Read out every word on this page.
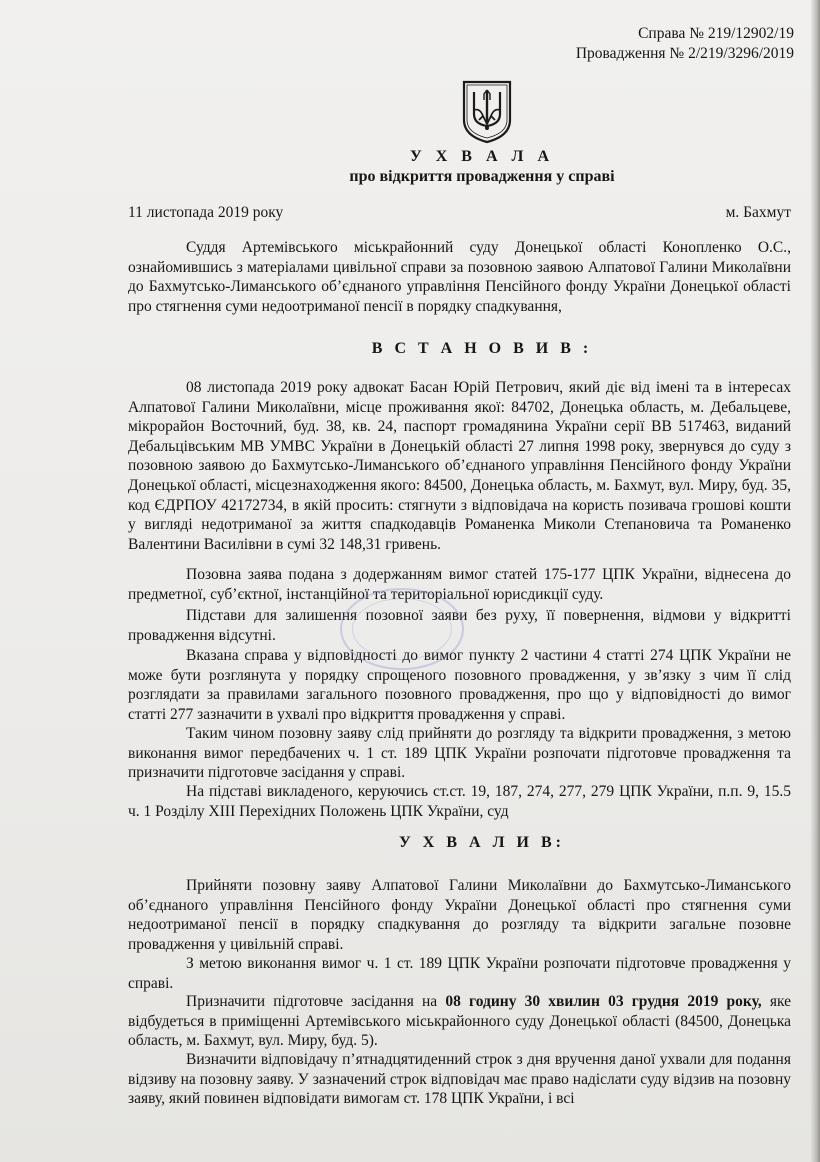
Справа № 219/12902/19
Провадження № 2/219/3296/2019
У Х В А Л А
про відкриття провадження у справі
11 листопада 2019 року	м. Бахмут

Суддя Артемівського міськрайонний суду Донецької області Конопленко О.С., ознайомившись з матеріалами цивільної справи за позовною заявою Алпатової Галини Миколаївни до Бахмутсько-Лиманського об’єднаного управління Пенсійного фонду України Донецької області про стягнення суми недоотриманої пенсії в порядку спадкування,

В С Т А Н О В И В :

08 листопада 2019 року адвокат Басан Юрій Петрович, який діє від імені та в інтересах Алпатової Галини Миколаївни, місце проживання якої: 84702, Донецька область, м. Дебальцеве, мікрорайон Восточний, буд. 38, кв. 24, паспорт громадянина України серії ВВ 517463, виданий Дебальцівським МВ УМВС України в Донецькій області 27 липня 1998 року, звернувся до суду з позовною заявою до Бахмутсько-Лиманського об’єднаного управління Пенсійного фонду України Донецької області, місцезнаходження якого: 84500, Донецька область, м. Бахмут, вул. Миру, буд. 35, код ЄДРПОУ 42172734, в якій просить: стягнути з відповідача на користь позивача грошові кошти у вигляді недотриманої за життя спадкодавців Романенка Миколи Степановича та Романенко Валентини Василівни в сумі 32 148,31 гривень.

Позовна заява подана з додержанням вимог статей 175-177 ЦПК України, віднесена до предметної, суб’єктної, інстанційної та територіальної юрисдикції суду.

Підстави для залишення позовної заяви без руху, її повернення, відмови у відкритті провадження відсутні.

Вказана справа у відповідності до вимог пункту 2 частини 4 статті 274 ЦПК України не може бути розглянута у порядку спрощеного позовного провадження, у зв’язку з чим її слід розглядати за правилами загального позовного провадження, про що у відповідності до вимог статті 277 зазначити в ухвалі про відкриття провадження у справі.

Таким чином позовну заяву слід прийняти до розгляду та відкрити провадження, з метою виконання вимог передбачених ч. 1 ст. 189 ЦПК України розпочати підготовче провадження та призначити підготовче засідання у справі.

На підставі викладеного, керуючись ст.ст. 19, 187, 274, 277, 279 ЦПК України, п.п. 9, 15.5 ч. 1 Розділу XIII Перехідних Положень ЦПК України, суд

У Х В А Л И В:

Прийняти позовну заяву Алпатової Галини Миколаївни до Бахмутсько-Лиманського об’єднаного управління Пенсійного фонду України Донецької області про стягнення суми недоотриманої пенсії в порядку спадкування до розгляду та відкрити загальне позовне провадження у цивільній справі.

З метою виконання вимог ч. 1 ст. 189 ЦПК України розпочати підготовче провадження у справі.

Призначити підготовче засідання на 08 годину 30 хвилин 03 грудня 2019 року, яке відбудеться в приміщенні Артемівського міськрайонного суду Донецької області (84500, Донецька область, м. Бахмут, вул. Миру, буд. 5).

Визначити відповідачу п’ятнадцятиденний строк з дня вручення даної ухвали для подання відзиву на позовну заяву. У зазначений строк відповідач має право надіслати суду відзив на позовну заяву, який повинен відповідати вимогам ст. 178 ЦПК України, і всі
